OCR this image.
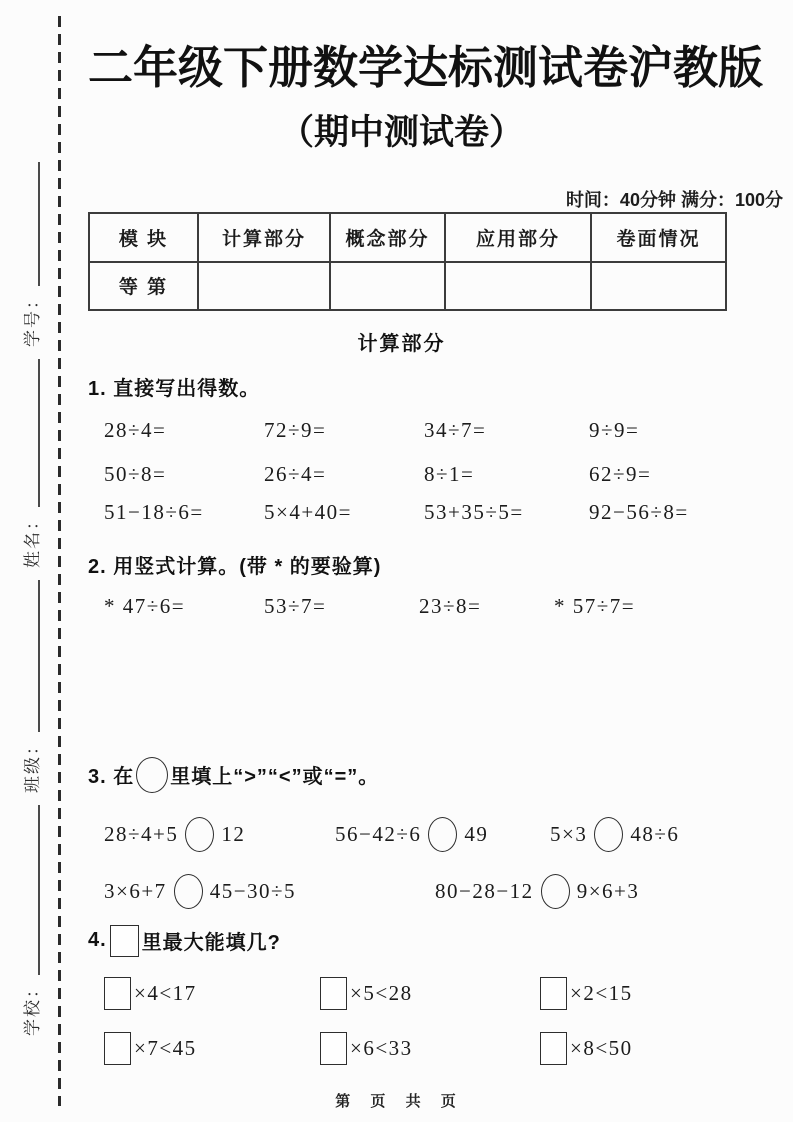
学校：
班级：
姓名：
学号：
时间：40分钟 满分：100分
二年级下册数学达标测试卷沪教版
（期中测试卷）
模 块	计算部分	概念部分	应用部分	卷面情况
等 第				
计算部分
1. 直接写出得数。
28÷4=	72÷9=	34÷7=	9÷9=
50÷8=	26÷4=	8÷1=	62÷9=
51−18÷6=	5×4+40=	53+35÷5=	92−56÷8=
2. 用竖式计算。(带 * 的要验算)
* 47÷6=	53÷7=	23÷8=	* 57÷7=
3. 在 里填上“>”“<”或“=”。
28÷4+5 12	56−42÷6 49	5×3 48÷6
3×6+7 45−30÷5	80−28−12 9×6+3
4. 里最大能填几?
×4<17	×5<28	×2<15
×7<45	×6<33	×8<50
第 页 共 页
